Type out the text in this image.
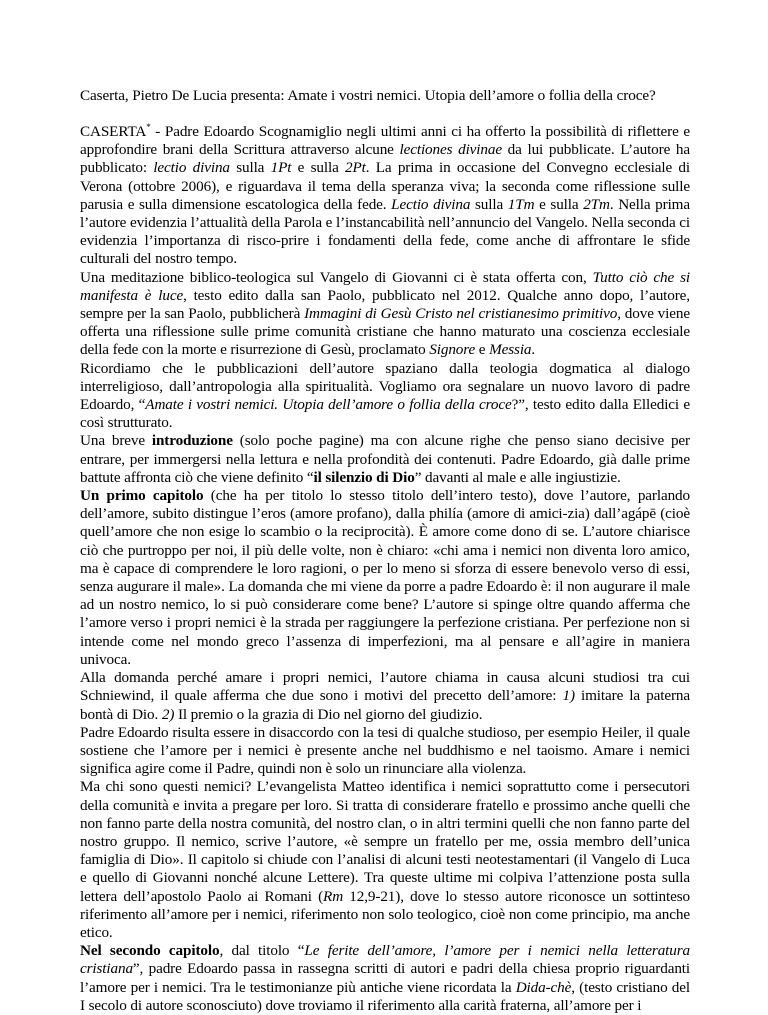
Caserta, Pietro De Lucia presenta: Amate i vostri nemici. Utopia dell’amore o follia della croce?

CASERTA* - Padre Edoardo Scognamiglio negli ultimi anni ci ha offerto la possibilità di riflettere e approfondire brani della Scrittura attraverso alcune lectiones divinae da lui pubblicate. L’autore ha pubblicato: lectio divina sulla 1Pt e sulla 2Pt. La prima in occasione del Convegno ecclesiale di Verona (ottobre 2006), e riguardava il tema della speranza viva; la seconda come riflessione sulle parusia e sulla dimensione escatologica della fede. Lectio divina sulla 1Tm e sulla 2Tm. Nella prima l’autore evidenzia l’attualità della Parola e l’instancabilità nell’annuncio del Vangelo. Nella seconda ci evidenzia l’importanza di risco-prire i fondamenti della fede, come anche di affrontare le sfide culturali del nostro tempo.

Una meditazione biblico-teologica sul Vangelo di Giovanni ci è stata offerta con, Tutto ciò che si manifesta è luce, testo edito dalla san Paolo, pubblicato nel 2012. Qualche anno dopo, l’autore, sempre per la san Paolo, pubblicherà Immagini di Gesù Cristo nel cristianesimo primitivo, dove viene offerta una riflessione sulle prime comunità cristiane che hanno maturato una coscienza ecclesiale della fede con la morte e risurrezione di Gesù, proclamato Signore e Messia.

Ricordiamo che le pubblicazioni dell’autore spaziano dalla teologia dogmatica al dialogo interreligioso, dall’antropologia alla spiritualità. Vogliamo ora segnalare un nuovo lavoro di padre Edoardo, “Amate i vostri nemici. Utopia dell’amore o follia della croce?”, testo edito dalla Elledici e così strutturato.

Una breve introduzione (solo poche pagine) ma con alcune righe che penso siano decisive per entrare, per immergersi nella lettura e nella profondità dei contenuti. Padre Edoardo, già dalle prime battute affronta ciò che viene definito “il silenzio di Dio” davanti al male e alle ingiustizie.

Un primo capitolo (che ha per titolo lo stesso titolo dell’intero testo), dove l’autore, parlando dell’amore, subito distingue l’eros (amore profano), dalla philía (amore di amici-zia) dall’agápē (cioè quell’amore che non esige lo scambio o la reciprocità). È amore come dono di se. L’autore chiarisce ciò che purtroppo per noi, il più delle volte, non è chiaro: «chi ama i nemici non diventa loro amico, ma è capace di comprendere le loro ragioni, o per lo meno si sforza di essere benevolo verso di essi, senza augurare il male». La domanda che mi viene da porre a padre Edoardo è: il non augurare il male ad un nostro nemico, lo si può considerare come bene? L’autore si spinge oltre quando afferma che l’amore verso i propri nemici è la strada per raggiungere la perfezione cristiana. Per perfezione non si intende come nel mondo greco l’assenza di imperfezioni, ma al pensare e all’agire in maniera univoca.

Alla domanda perché amare i propri nemici, l’autore chiama in causa alcuni studiosi tra cui Schniewind, il quale afferma che due sono i motivi del precetto dell’amore: 1) imitare la paterna bontà di Dio. 2) Il premio o la grazia di Dio nel giorno del giudizio.

Padre Edoardo risulta essere in disaccordo con la tesi di qualche studioso, per esempio Heiler, il quale sostiene che l’amore per i nemici è presente anche nel buddhismo e nel taoismo. Amare i nemici significa agire come il Padre, quindi non è solo un rinunciare alla violenza.

Ma chi sono questi nemici? L’evangelista Matteo identifica i nemici soprattutto come i persecutori della comunità e invita a pregare per loro. Si tratta di considerare fratello e prossimo anche quelli che non fanno parte della nostra comunità, del nostro clan, o in altri termini quelli che non fanno parte del nostro gruppo. Il nemico, scrive l’autore, «è sempre un fratello per me, ossia membro dell’unica famiglia di Dio». Il capitolo si chiude con l’analisi di alcuni testi neotestamentari (il Vangelo di Luca e quello di Giovanni nonché alcune Lettere). Tra queste ultime mi colpiva l’attenzione posta sulla lettera dell’apostolo Paolo ai Romani (Rm 12,9-21), dove lo stesso autore riconosce un sottinteso riferimento all’amore per i nemici, riferimento non solo teologico, cioè non come principio, ma anche etico.

Nel secondo capitolo, dal titolo “Le ferite dell’amore, l’amore per i nemici nella letteratura cristiana”, padre Edoardo passa in rassegna scritti di autori e padri della chiesa proprio riguardanti l’amore per i nemici. Tra le testimonianze più antiche viene ricordata la Dida-chè, (testo cristiano del I secolo di autore sconosciuto) dove troviamo il riferimento alla carità fraterna, all’amore per i
